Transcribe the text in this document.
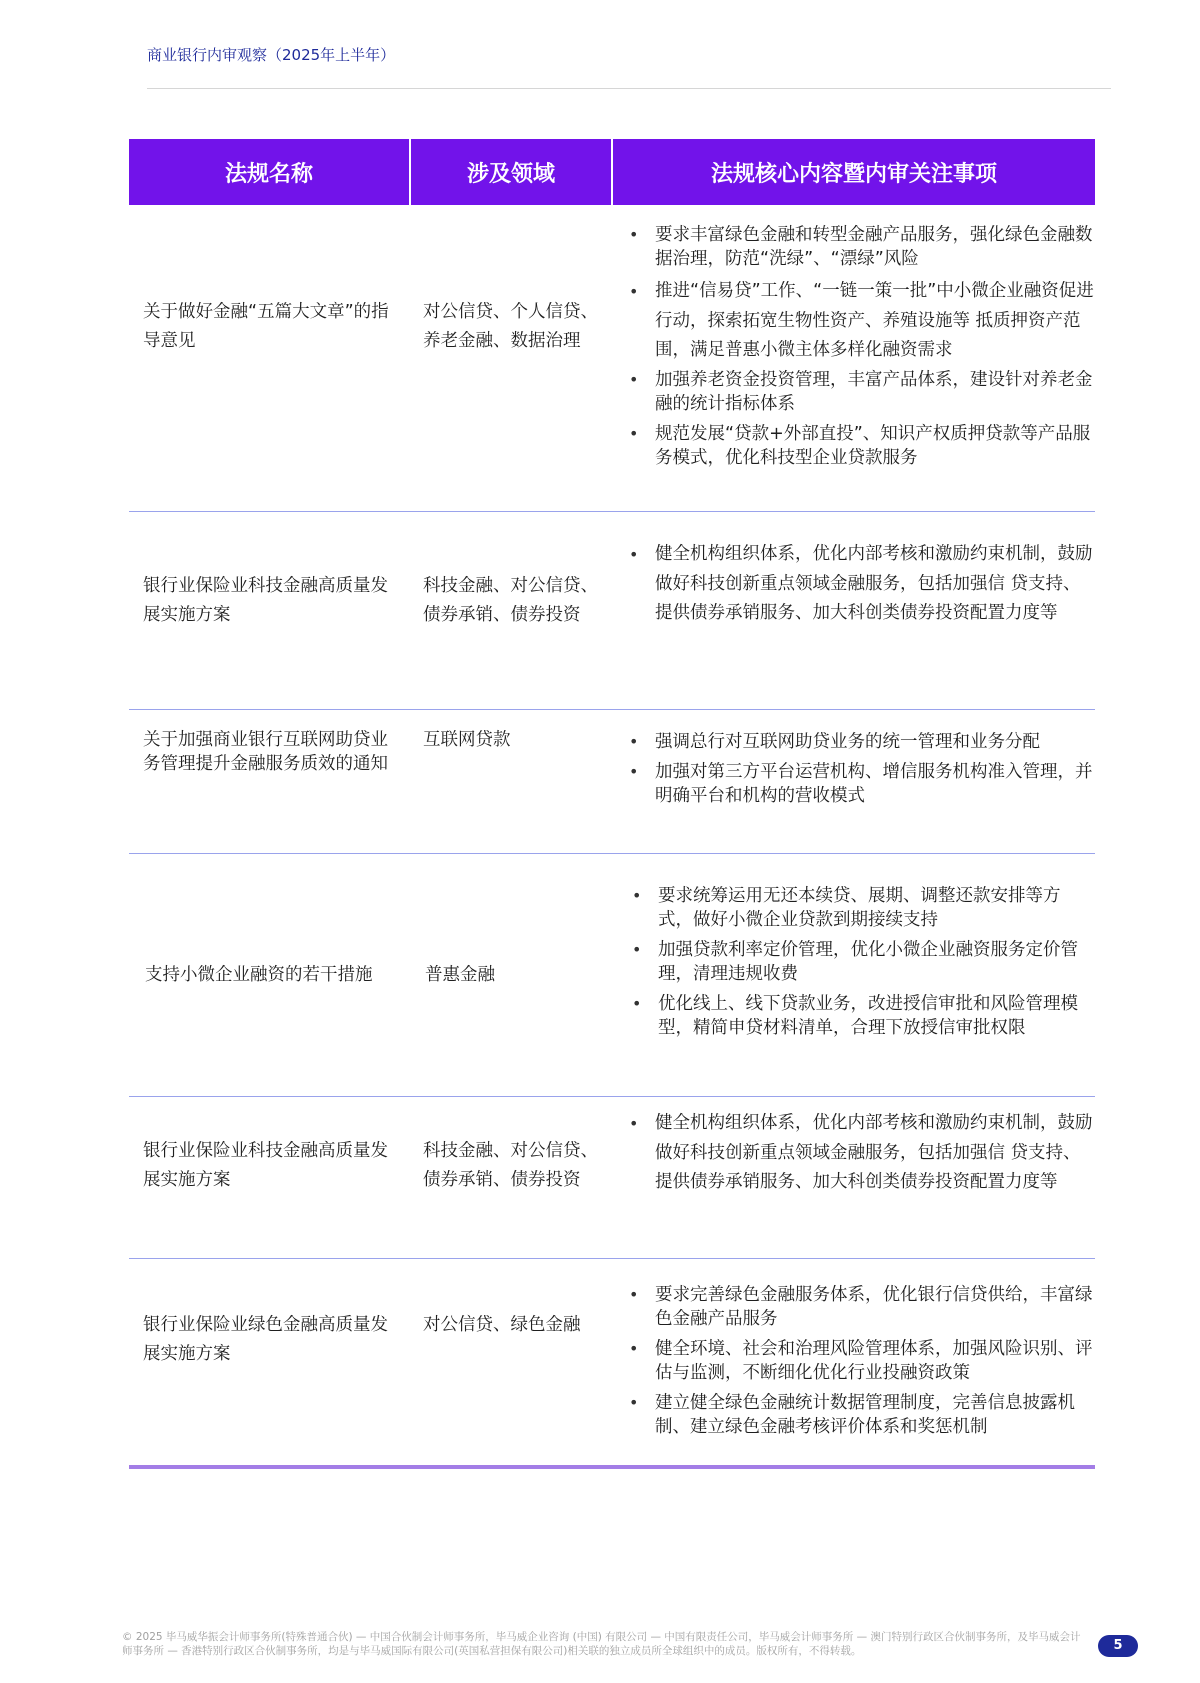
商业银行内审观察（2025年上半年）
法规名称	涉及领域	法规核心内容暨内审关注事项
关于做好金融“五篇大文章”的指导意见
对公信贷、个人信贷、养老金融、数据治理
• 要求丰富绿色金融和转型金融产品服务，强化绿色金融数据治理，防范“洗绿”、“漂绿”风险
• 推进“信易贷”工作、“一链一策一批”中小微企业融资促进行动，探索拓宽生物性资产、养殖设施等 抵质押资产范围，满足普惠小微主体多样化融资需求
• 加强养老资金投资管理，丰富产品体系，建设针对养老金融的统计指标体系
• 规范发展“贷款+外部直投”、知识产权质押贷款等产品服务模式，优化科技型企业贷款服务
银行业保险业科技金融高质量发展实施方案
科技金融、对公信贷、债券承销、债券投资
• 健全机构组织体系，优化内部考核和激励约束机制，鼓励做好科技创新重点领域金融服务，包括加强信 贷支持、提供债券承销服务、加大科创类债券投资配置力度等
关于加强商业银行互联网助贷业务管理提升金融服务质效的通知
互联网贷款
•	强调总行对互联网助贷业务的统一管理和业务分配
• 加强对第三方平台运营机构、增信服务机构准入管理，并明确平台和机构的营收模式
支持小微企业融资的若干措施	普惠金融
• 要求统筹运用无还本续贷、展期、调整还款安排等方式，做好小微企业贷款到期接续支持
• 加强贷款利率定价管理，优化小微企业融资服务定价管理，清理违规收费
• 优化线上、线下贷款业务，改进授信审批和风险管理模型，精简申贷材料清单，合理下放授信审批权限
银行业保险业科技金融高质量发展实施方案
科技金融、对公信贷、债券承销、债券投资
• 健全机构组织体系，优化内部考核和激励约束机制，鼓励做好科技创新重点领域金融服务，包括加强信 贷支持、提供债券承销服务、加大科创类债券投资配置力度等
银行业保险业绿色金融高质量发展实施方案
对公信贷、绿色金融
• 要求完善绿色金融服务体系，优化银行信贷供给，丰富绿色金融产品服务
• 健全环境、社会和治理风险管理体系，加强风险识别、评估与监测，不断细化优化行业投融资政策
• 建立健全绿色金融统计数据管理制度，完善信息披露机制、建立绿色金融考核评价体系和奖惩机制
© 2025 毕马威华振会计师事务所(特殊普通合伙) — 中国合伙制会计师事务所，毕马威企业咨询 (中国) 有限公司 — 中国有限责任公司，毕马威会计师事务所 — 澳门特别行政区合伙制事务所，及毕马威会计师事务所 — 香港特别行政区合伙制事务所，均是与毕马威国际有限公司(英国私营担保有限公司)相关联的独立成员所全球组织中的成员。版权所有，不得转载。	5
